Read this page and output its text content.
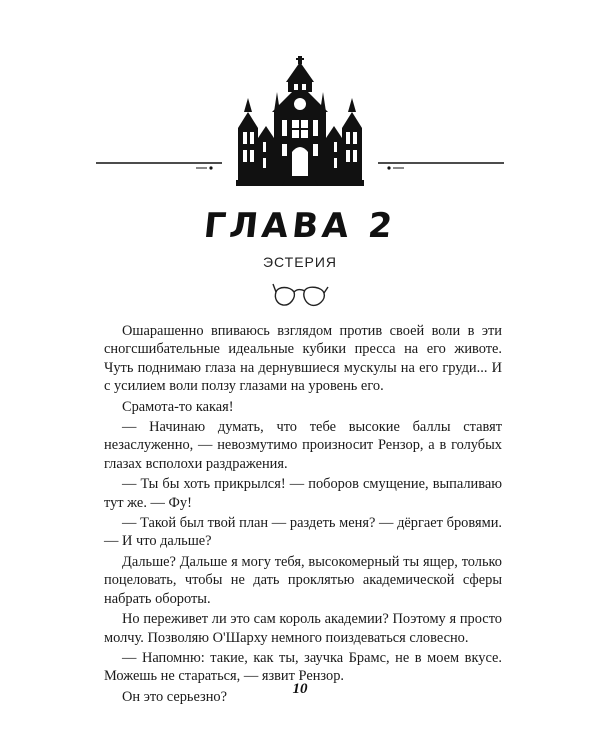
ГЛАВА 2
ЭСТЕРИЯ

Ошарашенно впиваюсь взглядом против своей воли в эти сногсшибательные идеальные кубики пресса на его животе. Чуть поднимаю глаза на дернувшиеся мускулы на его груди... И с усилием воли ползу глазами на уровень его.

Срамота-то какая!

— Начинаю думать, что тебе высокие баллы ставят незаслуженно, — невозмутимо произносит Рензор, а в голубых глазах всполохи раздражения.

— Ты бы хоть прикрылся! — поборов смущение, выпаливаю тут же. — Фу!

— Такой был твой план — раздеть меня? — дёргает бровями. — И что дальше?

Дальше? Дальше я могу тебя, высокомерный ты ящер, только поцеловать, чтобы не дать проклятью академической сферы набрать обороты.

Но переживет ли это сам король академии? Поэтому я просто молчу. Позволяю О'Шарху немного поиздеваться словесно.

— Напомню: такие, как ты, заучка Брамс, не в моем вкусе. Можешь не стараться, — язвит Рензор.

Он это серьезно?	10
